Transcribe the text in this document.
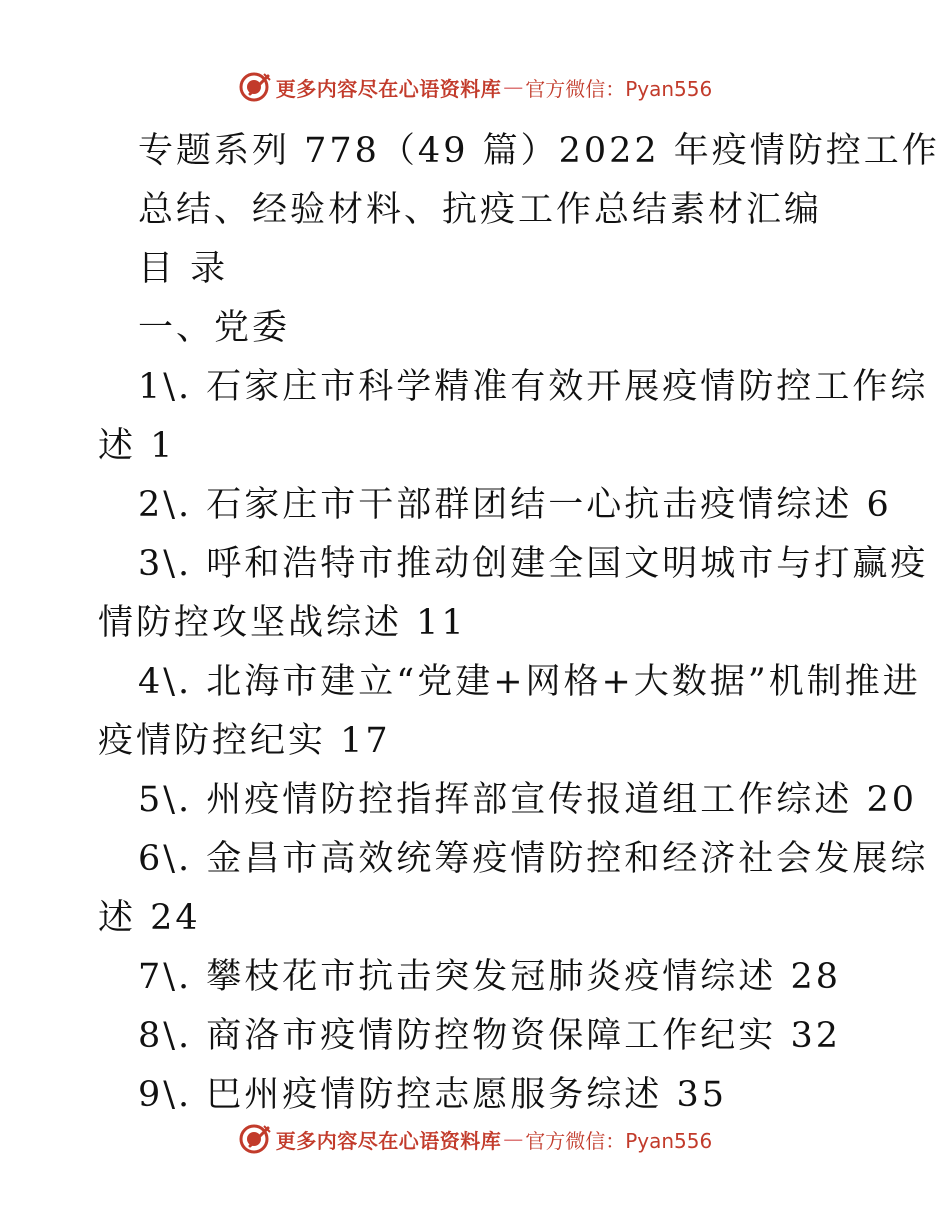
更多内容尽在心语资料库 — 官方微信：Pyan556
专题系列 778（49 篇）2022 年疫情防控工作
总结、经验材料、抗疫工作总结素材汇编
目 录
一、党委
1\. 石家庄市科学精准有效开展疫情防控工作综
述 1
2\. 石家庄市干部群团结一心抗击疫情综述 6
3\. 呼和浩特市推动创建全国文明城市与打赢疫
情防控攻坚战综述 11
4\. 北海市建立“党建+网格+大数据”机制推进
疫情防控纪实 17
5\. 州疫情防控指挥部宣传报道组工作综述 20
6\. 金昌市高效统筹疫情防控和经济社会发展综
述 24
7\. 攀枝花市抗击突发冠肺炎疫情综述 28
8\. 商洛市疫情防控物资保障工作纪实 32
9\. 巴州疫情防控志愿服务综述 35
更多内容尽在心语资料库 — 官方微信：Pyan556
